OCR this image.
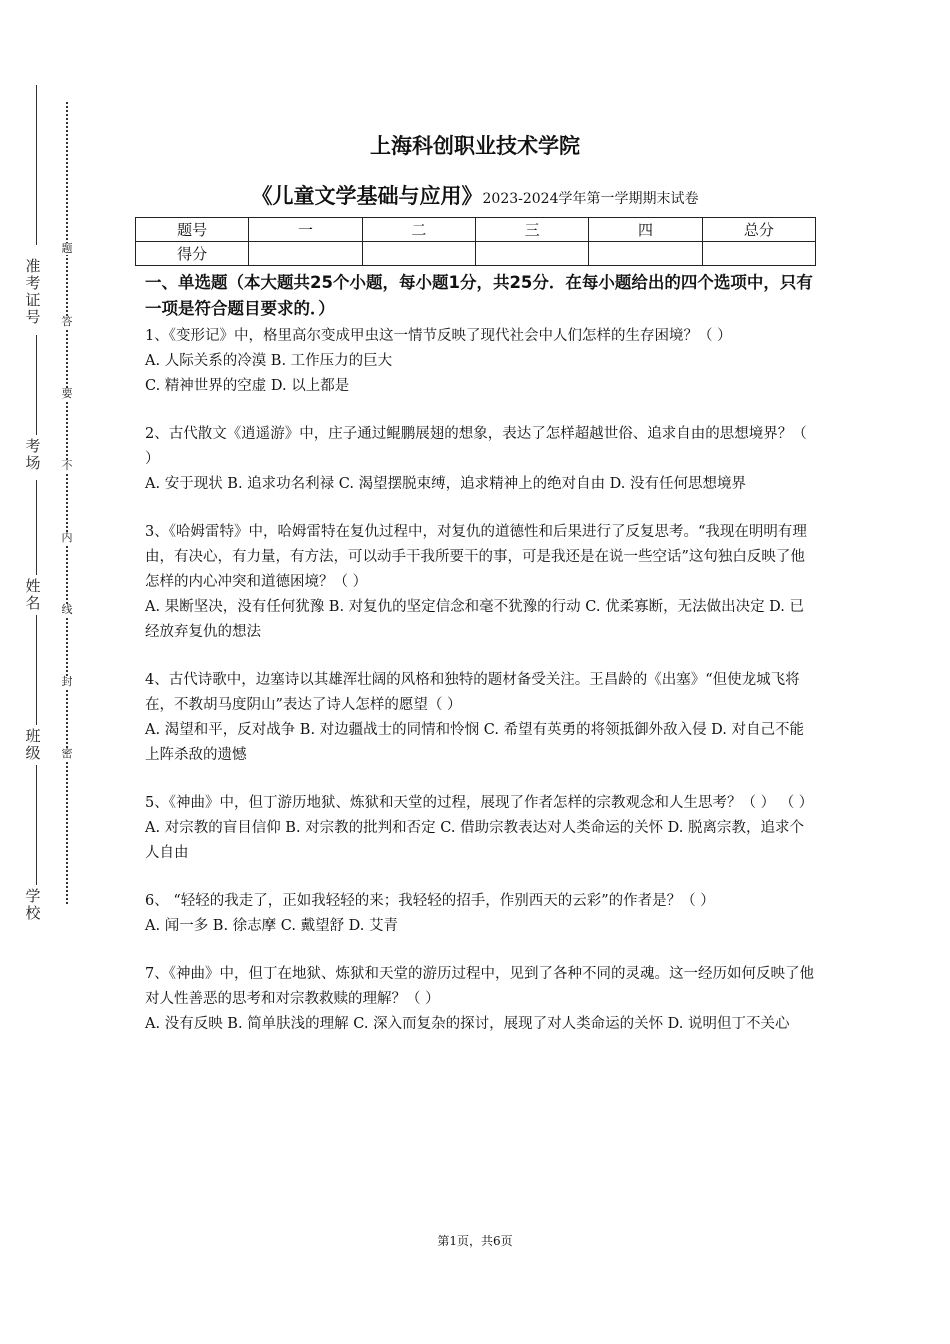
准考证号
考场
姓名
班级
学校
题
答
要
不
内
线
封
密
上海科创职业技术学院
《儿童文学基础与应用》2023-2024学年第一学期期末试卷
题号	一	二	三	四	总分
得分					
一、单选题（本大题共25个小题，每小题1分，共25分．在每小题给出的四个选项中，只有一项是符合题目要求的．）
1、《变形记》中，格里高尔变成甲虫这一情节反映了现代社会中人们怎样的生存困境？（ ）
A. 人际关系的冷漠 B. 工作压力的巨大
C. 精神世界的空虚 D. 以上都是
2、古代散文《逍遥游》中，庄子通过鲲鹏展翅的想象，表达了怎样超越世俗、追求自由的思想境界？（ ）
A. 安于现状 B. 追求功名利禄 C. 渴望摆脱束缚，追求精神上的绝对自由 D. 没有任何思想境界
3、《哈姆雷特》中，哈姆雷特在复仇过程中，对复仇的道德性和后果进行了反复思考。“我现在明明有理由，有决心，有力量，有方法，可以动手干我所要干的事，可是我还是在说一些空话”这句独白反映了他怎样的内心冲突和道德困境？（ ）
A. 果断坚决，没有任何犹豫 B. 对复仇的坚定信念和毫不犹豫的行动 C. 优柔寡断，无法做出决定 D. 已经放弃复仇的想法
4、古代诗歌中，边塞诗以其雄浑壮阔的风格和独特的题材备受关注。王昌龄的《出塞》“但使龙城飞将在，不教胡马度阴山”表达了诗人怎样的愿望（ ）
A. 渴望和平，反对战争 B. 对边疆战士的同情和怜悯 C. 希望有英勇的将领抵御外敌入侵 D. 对自己不能上阵杀敌的遗憾
5、《神曲》中，但丁游历地狱、炼狱和天堂的过程，展现了作者怎样的宗教观念和人生思考？（ ） （ ）
A. 对宗教的盲目信仰 B. 对宗教的批判和否定 C. 借助宗教表达对人类命运的关怀 D. 脱离宗教，追求个人自由
6、 “轻轻的我走了，正如我轻轻的来；我轻轻的招手，作别西天的云彩”的作者是？（ ）
A. 闻一多 B. 徐志摩 C. 戴望舒 D. 艾青
7、《神曲》中，但丁在地狱、炼狱和天堂的游历过程中，见到了各种不同的灵魂。这一经历如何反映了他对人性善恶的思考和对宗教救赎的理解？（ ）
A. 没有反映 B. 简单肤浅的理解 C. 深入而复杂的探讨，展现了对人类命运的关怀 D. 说明但丁不关心
第1页，共6页
